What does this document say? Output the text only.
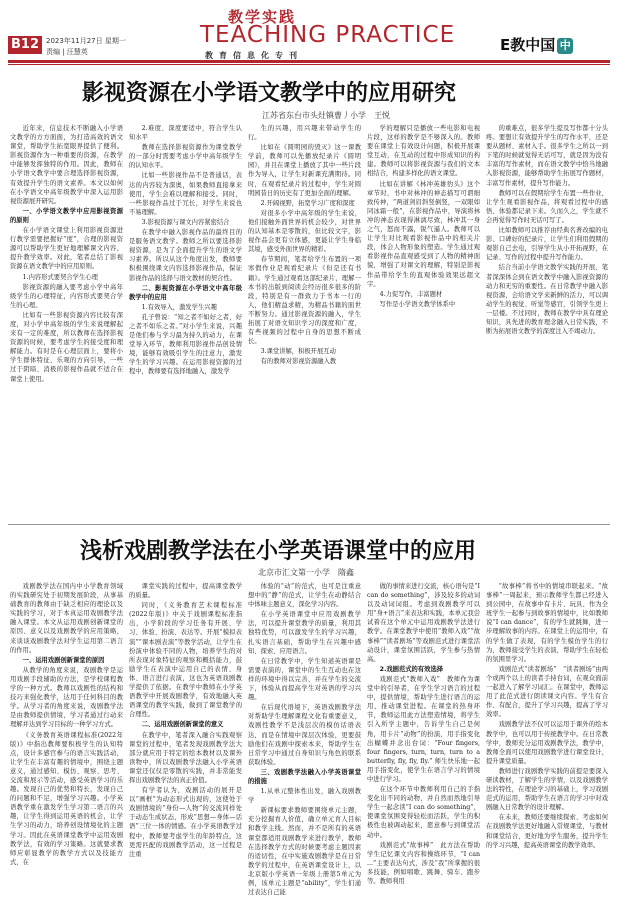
B12	2023年11月27日 星期一
责编 | 汪慧英
教学实践
TEACHING PRACTICE
教育信息化专刊
E教中国 中
影视资源在小学语文教学中的应用研究
江苏省东台市头灶镇曹丿小学　王悦

近年来，信息技术不断融入小学语文教学的方方面面，为打造高效的语文课堂，帮助学生拓宽眼界提供了便利。影视资源作为一种重要的资源，在教学中能够发挥独特的作用。因此，教师在小学语文教学中要合理选择影视资源，有效提升学生的语文素养。本文以如何在小学语文中高年级教学中深入运用影视资源展开研究。

一、小学语文教学中应用影视资源的原则

在小学语文课堂上利用影视资源进行教学需要把握好“度”，合理的影视资源可以帮助学生更好地理解课文内容，提升教学效率。对此，笔者总结了影视资源在语文教学中的应用原则。

1.内容形式要契合学生心理

影视资源的融入要考虑小学中高年级学生的心理特征，内容形式要契合学生的心理。

比如有一些影视资源内容比较有深度，对小学中高年级的学生来说理解起来有一定的难度，所以教师在选择影视资源的时候，要考虑学生的接受度和理解能力。有时是在心理层面上，要将小学生群体特征、乐观的方向引导，一些过于阴暗、消极的影视作品就不适合在课堂上使用。

2.难度、深度要适中，符合学生认知水平

教师在选择影视资源作为课堂教学的一部分时需要考虑小学中高年级学生的认知水平。

比如一些影视作品不是普通话，表达的内容较为深奥，如果教师直接拿来使用，学生会难以理解和接受。同时，一些影视作品过于冗长，对学生来说也不易理解。

3.影视资源与课文内容紧密结合

在教学中融入影视作品的最终目的是服务语文教学。教师之所以要选择影视资源，是为了全面提升学生的语文学习素养。所以从这个角度出发，教师要积极围绕课文内容选择影视作品，保证影视作品的选择与语文教材的契合性。

二、影视资源在小学语文中高年级教学中的应用

1.有效导入，激发学生兴趣

孔子曾说：“知之者不如好之者，好之者不如乐之者。”对小学生来说，兴趣是他们参与学习最为持久的动力，在课堂导入环节，教师利用影视作品创设情境，能够有效吸引学生的注意力，激发学生的学习兴趣。在运用影视资源的过程中，教师要有选择地融入，激发学

生的兴趣，用兴趣来带动学生的行。

比如在《圆明园的毁灭》这一课教学前，教师可以先播放纪录片《圆明园》，并且在课堂上播放了其中一些片段作为导入，让学生对新课充满期待。同时，在观看纪录片的过程中，学生对圆明园昔日的历史有了更加全面的理解。

2.开阔视野，拓宽学习广度和深度

对很多小学中高年级的学生来说，他们接触外面世界的机会较少，对世界的认知基本是零散的，但比较文字，影视作品会更有立体感，更能让学生身临其境，感受外面世界的精彩。

春节期间，笔者给学生布置的一项寒假作业是观看纪录片《但是还有书籍》。学生通过观看这部纪录片，理解一本书的出版到阅读会经历很多很多的阶段，特别是有一群致力于书本一行的人，他们精益求精，为精品书籍的面世不断努力。通过影视资源的融入，学生拓展了对语文知识学习的深度和广度，有些视频的过程中自身的思想不断成长。

3.课堂讲解，积极开展互动

有的教师对影视资源融入教

学的理解只是播放一些电影和电视片段，这样的教学是不够深入的。教师要在课堂上有效设计问题，积极开展课堂互动，在互动的过程中形成知识的构建。教师可以将影视资源与我们的文本相结合，构建多样化的语文课堂。

比如在讲解《林冲英雄豹头》这个章节时，书中对林冲的神态描写可谓细致传神，“两道剑眉斜竖倒竖，一双眼如同冰霜一般”，在影视作品中，导演将林冲的神态表现得淋漓尽致，林冲其一身之气，怒而不露，锐气逼人。教师可以让学生对比观看影视作品中的相关片段，体会人物形象的塑造。学生通过观看影视作品直观感受到了人物的精神面貌，增强了对课文的理解，特别是影视作品带给学生的直观体验效果远超文字。

4.力促写作，丰富题材

写作是小学语文教学体系中

的重难点，很多学生提及写作都十分头疼。要想让有效提升学生的写作水平，还是要从题材、素材入手。很多学生之所以一到下笔的时候就觉得无话可写，就是因为没有丰富的写作素材，而在语文教学中恰当地融入影视资源，能够帮助学生拓展写作题材，丰富写作素材，提升写作能力。

教师可以在假期给学生布置一些作业，让学生观看影视作品，将观看过程中的感悟、体验都记录下来。久而久之，学生就不会再觉得写作时无话可写了。

比如教师可以推荐由经典名著改编的电影、口碑好的纪录片，让学生们利用假期的观影自己去电，引导学生从小开拓视野，在记录、写作的过程中提升写作能力。

结合当前小学语文教学实践的开展，笔者深深体会到在语文教学中融入影视资源的动力和无穷的重要性。在日常教学中融入影视资源，会给语文学来新鲜的活力，可以调动学生的视觉、听觉等感官，引领学生更上一层楼。不过同时，教师在教学中具有理论知识，具先进的教育理念融入日常实践，不断为拓展语文教学的深度注入不竭动力。

浅析戏剧教学法在小学英语课堂中的应用
北京市汇文第一小学　隋鑫

戏剧教学法在国内中小学教育领域的实践研究处于初期发展阶段，从事基础教育的教师由于缺乏相应的理论以及实践的学习，对于本真运用戏剧教学法融入课堂。本文从运用戏剧创新课堂的原因、意义以及戏剧教学的应用策略，来谈谈戏剧教学法对学生运用第二语言的作用。

一、运用戏剧创新课堂的原因

从教学的角度来说，戏剧教学是运用戏剧手段辅助的方法，是学校课程教学的一种方式。教师以戏剧性的结构和技巧来强化教学，达用于任何科目的教学。从学习者的角度来说，戏剧教学法是由教师提供情境，学习者通过行动来理解并达到学习目标的一种学习方式。

《义务教育英语课程标准(2022年版)》中指出教师要积极学生的认知特点，设计多感官参与的语言实践活动，让学生在丰富有趣的情境中，围绕主题意义，通过感知、模仿、观察、思考、交流和展示等活动，感受英语学习的乐趣。发现自己的优势和特长，发现自己的问题和不足，增强学习兴趣。小学英语教学重在激发学生学习第二语言的兴趣，让学生得到运用英语的机会，让学生学习的动力，培养创设情境化的主题学习。因此在英语课堂教学中运用戏剧教学法，有效的学习策略。这就要求教师应彰显教学的教学方式以及技能方式，在

课堂实践的过程中，提高课堂教学的质量。

同时，《义务教育艺术课程标准(2022年版)》中关于戏剧课程标准指出，小学阶段的学习任务有开展、学习、体验、扮演、表达等。开展“模拟表演”“课本剧表演”等教学活动，让学生在扮演中体验不同的人物，培养学生的对所表现对象特征的观察和概括能力，鼓励学生在表演中运用自己的表情、身体、语言进行表演，这也为英语戏剧教学提供了依据。在教学中教师在小学英语教学中开展戏剧教学，有效地融入英语课堂的教学实践，做到了课堂教学的合理性。

二、运用戏剧创新课堂的意义

在教学中，笔者深入融合实践观察课堂的过程中，笔者发现戏剧教学法大部分就应用于特定的绘本教材以及课外读物中，所以戏剧教学法融入小学英语课堂还仅仅是零散的实践，并非常能发挥出戏剧教学法的真正价值。

有学者认为，戏剧活动的展开是以“画框”为动态形式出现的，这使处于戏剧情境的“身份—人物”的交流同样处于动态生成状态，形成“思想—身体—话语”三位一体的情感。在小学英语教学过程中，教师要考虑学生的年龄特点，这更需匹配的戏剧教学活动，这一过程是注重

体验的“动”的范式，也可是注重意想中的“静”的范式，让学生在动静结合中体味主题意义，深化学习内容。

在小学英语课堂中应用戏剧教学法，可以提升课堂教学的质量，利用其独特优势，可以激发学生的学习兴趣，扎实语言基础，帮助学生在兴趣中感知、探索、应用语言。

在日常教学中，学生知道英语课是需要表演的，课堂中的生生互动也在这样的环境中得以完善，并在学生的交流下，体验从而提高学生对英语的学习兴趣。

在后现代语境下，英语戏剧教学法对帮助学生理解课程文化有重要意义，戏剧性教学不是浅层次的模仿话语表达，而是在情境中深层次体验，更要鼓励他们在戏剧中探索本来，帮助学生在日常学习中通过自身知识与角色的联系获取体验。

三、戏剧教学法融入小学英语课堂的措施

1.从单元整体性出发，融入戏剧教学

新课标要求教师要围绕单元主题，充分挖掘育人价值，确立单元育人目标和教学主线。然而，并不是所有的英语课堂都适用戏剧教学来进行教学，教师在选择教学方式的时候要考虑主题因素的适切性，在中实施戏剧教学是在日常教学的过程中，在英语课堂设计上，以北京版小学英语一年级上册第5单元为例，该单元主题是“ability”，学生们通过表达自己能

做的事情来进行交流，核心语句是“I can do something”，涉及较多的动词以及动词词组。考虑到戏剧教学可以用“身+语言”来表达和实践，本单元我尝试着在这个单元中运用戏剧教学法进行教学。在课堂教学中使用“教师入戏”“故事棒”“读者剧场”等戏剧范式进行课堂活动设计，课堂氛围活跃，学生参与热情高。

2.戏剧范式的有效选择

戏剧范式“教师入戏”　教师作为课堂中的引导者，在学生学习语言的过程中，提供情境，帮助学生进行语言的运用，推动课堂进程。在课堂的热身环节，教师运用此方法塑造情境，将学生引入所学主题中，告诉学生自己是何角，用卡片“动物”的扮演，用手指变化出蝴蝶并念出台词：“Four fingers, four fingers, turn, turn, turn to a butterfly, fly, fly, fly.” 师生快乐地一起用手指变化，使学生在语言学习的情境中进行学习。

在这个环节中教师利用自己的手指变化出不同的动物，并自然而然地引导学生一起念读“I can do something”，使课堂氛围变得轻松而活跃，学生的积极性也被调动起来，愿意参与到课堂活动中。

戏剧范式“故事棒”　此方法在帮助学生记忆课文内容和操练环节，“I can ...”主要表达句式，涉及“我”所掌握的很多技能，例如唱歌、跳舞、骑车、跑步等。教师利用

“故事棒”将书中的情境串联起来。“故事棒”一周起来，预示教师学生都已经进入到公园中，在故事中有卡片、玩具、作为全班学生一起参与到故事的情境中，比如教师说“I can dance”，有的学生就跳舞，进一步理解故事的内容。在课堂上的运用中，有的学生做了表现，有的学生模仿学生的行为，教师接受学生的表演，帮助学生在轻松的氛围里学习。

戏剧范式“读者剧场”　“读者剧场”由两个或两个以上的读者手持台词，在观众面前一起进入了解学习词汇。在课堂中，教师运用了此范式进行朗读课文内容。学生有合作、有配合，提升了学习兴趣，提高了学习效率。

戏剧教学法不仅可以运用于课外的绘本教学中，也可以用于传统教学中。在日常教学中，教师充分运用戏剧教学法，教学中，教师全面可以使用戏剧教学进行课堂设计，提升课堂质量。

教师进行戏剧教学实践的前提是要深入研读教材，了解学生的学情，以及戏剧教学法的特性，在理论学习的基础上，学习戏剧范式的运用，帮助学生在语言的学习中对戏剧融入日常教学的设计理解。

在未来，教师还要继续探索、考虑如何在戏剧教学法更好地融入常规课堂，与教材和课堂结合，更好地为学生服务，提升学生的学习兴趣，提高英语课堂的教学效率。
